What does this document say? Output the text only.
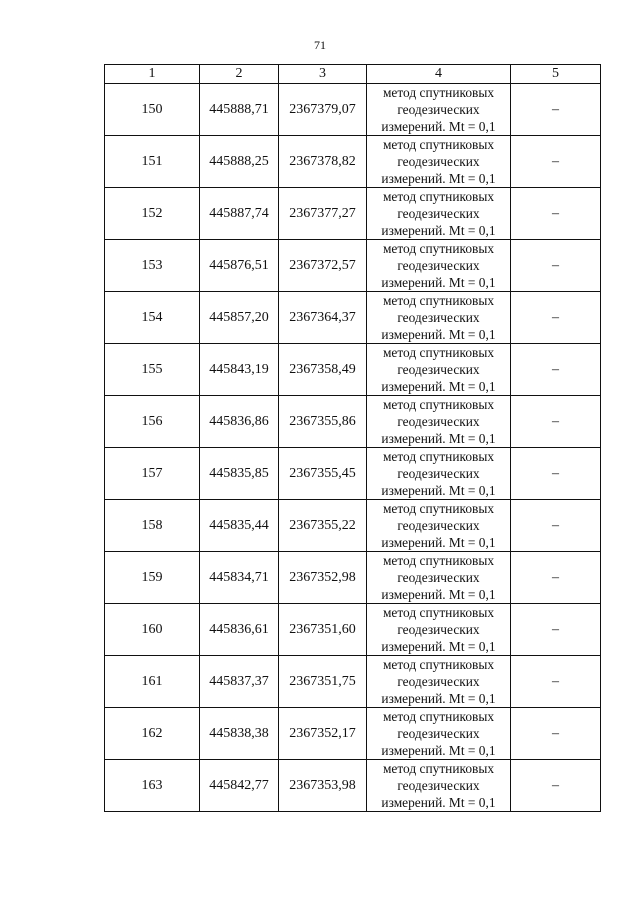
71
1	2	3	4	5
150	445888,71	2367379,07	метод спутниковых
геодезических
измерений. Mt = 0,1	–
151	445888,25	2367378,82	метод спутниковых
геодезических
измерений. Mt = 0,1	–
152	445887,74	2367377,27	метод спутниковых
геодезических
измерений. Mt = 0,1	–
153	445876,51	2367372,57	метод спутниковых
геодезических
измерений. Mt = 0,1	–
154	445857,20	2367364,37	метод спутниковых
геодезических
измерений. Mt = 0,1	–
155	445843,19	2367358,49	метод спутниковых
геодезических
измерений. Mt = 0,1	–
156	445836,86	2367355,86	метод спутниковых
геодезических
измерений. Mt = 0,1	–
157	445835,85	2367355,45	метод спутниковых
геодезических
измерений. Mt = 0,1	–
158	445835,44	2367355,22	метод спутниковых
геодезических
измерений. Mt = 0,1	–
159	445834,71	2367352,98	метод спутниковых
геодезических
измерений. Mt = 0,1	–
160	445836,61	2367351,60	метод спутниковых
геодезических
измерений. Mt = 0,1	–
161	445837,37	2367351,75	метод спутниковых
геодезических
измерений. Mt = 0,1	–
162	445838,38	2367352,17	метод спутниковых
геодезических
измерений. Mt = 0,1	–
163	445842,77	2367353,98	метод спутниковых
геодезических
измерений. Mt = 0,1	–
